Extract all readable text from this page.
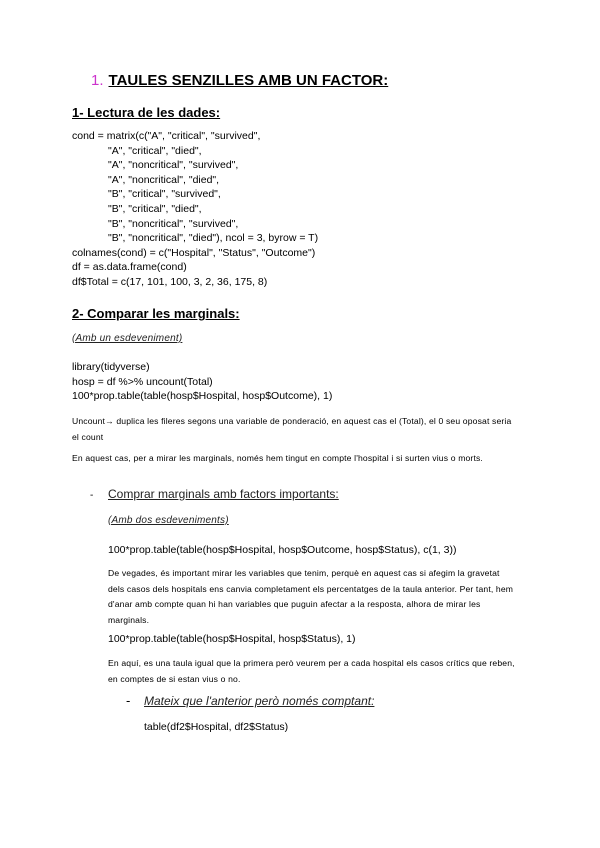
1. TAULES SENZILLES AMB UN FACTOR:
1- Lectura de les dades:
cond = matrix(c("A", "critical", "survived",
"A", "critical", "died",
"A", "noncritical", "survived",
"A", "noncritical", "died",
"B", "critical", "survived",
"B", "critical", "died",
"B", "noncritical", "survived",
"B", "noncritical", "died"), ncol = 3, byrow = T)
colnames(cond) = c("Hospital", "Status", "Outcome")
df = as.data.frame(cond)
df$Total = c(17, 101, 100, 3, 2, 36, 175, 8)
2- Comparar les marginals:
(Amb un esdeveniment)
library(tidyverse)
hosp = df %>% uncount(Total)
100*prop.table(table(hosp$Hospital, hosp$Outcome), 1)
Uncount→ duplica les fileres segons una variable de ponderació, en aquest cas el (Total), el 0 seu oposat seria el count
En aquest cas, per a mirar les marginals, només hem tingut en compte l'hospital i si surten vius o morts.
- Comprar marginals amb factors importants:
(Amb dos esdeveniments)
100*prop.table(table(hosp$Hospital, hosp$Outcome, hosp$Status), c(1, 3))
De vegades, és important mirar les variables que tenim, perquè en aquest cas si afegim la gravetat dels casos dels hospitals ens canvia completament els percentatges de la taula anterior. Per tant, hem d'anar amb compte quan hi han variables que puguin afectar a la resposta, alhora de mirar les marginals.
100*prop.table(table(hosp$Hospital, hosp$Status), 1)
En aquí, es una taula igual que la primera però veurem per a cada hospital els casos crítics que reben, en comptes de si estan vius o no.
- Mateix que l'anterior però només comptant:
table(df2$Hospital, df2$Status)
